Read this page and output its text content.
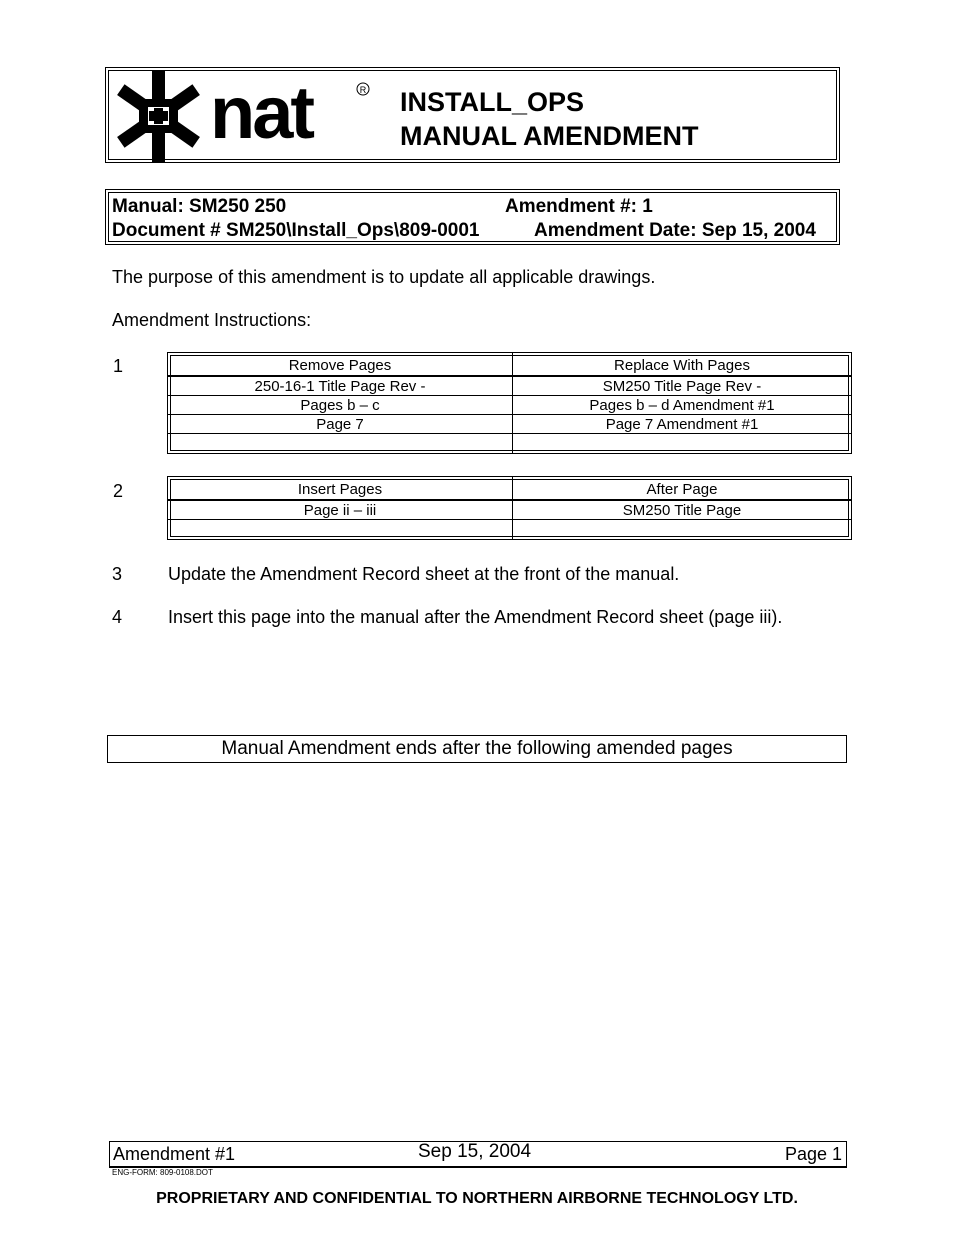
nat	R INSTALL_OPS
MANUAL AMENDMENT
Manual: SM250 250	Amendment #: 1
Document # SM250\Install_Ops\809-0001	Amendment Date: Sep 15, 2004
The purpose of this amendment is to update all applicable drawings.
Amendment Instructions:
1	Remove Pages	Replace With Pages
250-16-1 Title Page Rev -	SM250 Title Page Rev -
Pages b – c	Pages b – d Amendment #1
Page 7	Page 7 Amendment #1

2	Insert Pages	After Page
Page ii – iii	SM250 Title Page

3	Update the Amendment Record sheet at the front of the manual.
4	Insert this page into the manual after the Amendment Record sheet (page iii).
Manual Amendment ends after the following amended pages
Amendment #1	Sep 15, 2004	Page 1
ENG-FORM: 809-0108.DOT
PROPRIETARY AND CONFIDENTIAL TO NORTHERN AIRBORNE TECHNOLOGY LTD.
